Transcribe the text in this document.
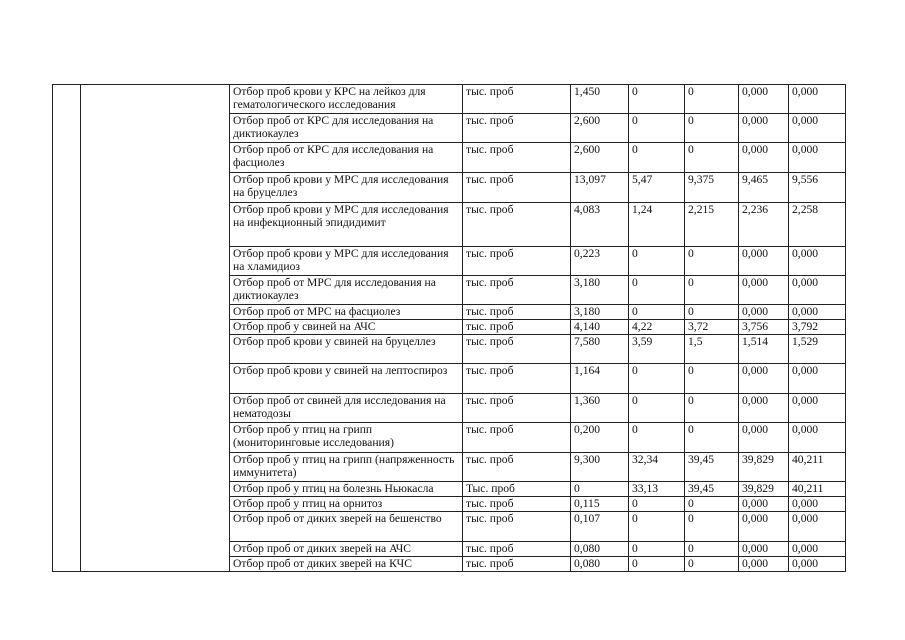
		Отбор проб крови у КРС на лейкоз для гематологического исследования	тыс. проб	1,450	0	0	0,000	0,000
		Отбор проб от КРС для исследования на диктиокаулез	тыс. проб	2,600	0	0	0,000	0,000
		Отбор проб от КРС для исследования на фасциолез	тыс. проб	2,600	0	0	0,000	0,000
		Отбор проб крови у МРС для исследования на бруцеллез	тыс. проб	13,097	5,47	9,375	9,465	9,556
		Отбор проб крови у МРС для исследования на инфекционный эпидидимит	тыс. проб	4,083	1,24	2,215	2,236	2,258
		Отбор проб крови у МРС для исследования на хламидиоз	тыс. проб	0,223	0	0	0,000	0,000
		Отбор проб от МРС для исследования на диктиокаулез	тыс. проб	3,180	0	0	0,000	0,000
		Отбор проб от МРС на фасциолез	тыс. проб	3,180	0	0	0,000	0,000
		Отбор проб у свиней на АЧС	тыс. проб	4,140	4,22	3,72	3,756	3,792
		Отбор проб крови у свиней на бруцеллез	тыс. проб	7,580	3,59	1,5	1,514	1,529
		Отбор проб крови у свиней на лептоспироз	тыс. проб	1,164	0	0	0,000	0,000
		Отбор проб от свиней для исследования на нематодозы	тыс. проб	1,360	0	0	0,000	0,000
		Отбор проб у птиц на грипп (мониторинговые исследования)	тыс. проб	0,200	0	0	0,000	0,000
		Отбор проб у птиц на грипп (напряженность иммунитета)	тыс. проб	9,300	32,34	39,45	39,829	40,211
		Отбор проб у птиц на болезнь Ньюкасла	Тыс. проб	0	33,13	39,45	39,829	40,211
		Отбор проб у птиц на орнитоз	тыс. проб	0,115	0	0	0,000	0,000
		Отбор проб от диких зверей на бешенство	тыс. проб	0,107	0	0	0,000	0,000
		Отбор проб от диких зверей на АЧС	тыс. проб	0,080	0	0	0,000	0,000
		Отбор проб от диких зверей на КЧС	тыс. проб	0,080	0	0	0,000	0,000
